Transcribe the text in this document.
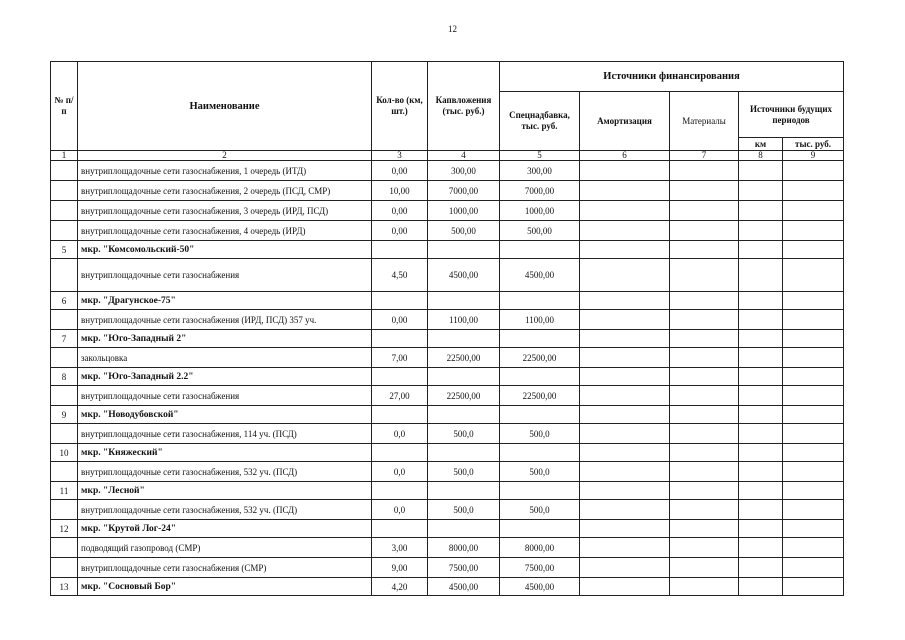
12
№ п/п	Наименование	Кол-во (км, шт.)	Капвложения (тыс. руб.)	Источники финансирования				
				Спецнадбавка, тыс. руб.	Амортизация	Материалы	Источники будущих периодов	
							км	тыс. руб.
1	2	3	4	5	6	7	8	9
	внутриплощадочные сети газоснабжения, 1 очередь (ИТД)	0,00	300,00	300,00				
	внутриплощадочные сети газоснабжения, 2 очередь (ПСД, СМР)	10,00	7000,00	7000,00				
	внутриплощадочные сети газоснабжения, 3 очередь (ИРД, ПСД)	0,00	1000,00	1000,00				
	внутриплощадочные сети газоснабжения, 4 очередь (ИРД)	0,00	500,00	500,00				
5	мкр. "Комсомольский-50"							
	внутриплощадочные сети газоснабжения	4,50	4500,00	4500,00				
6	мкр. "Драгунское-75"							
	внутриплощадочные сети газоснабжения (ИРД, ПСД) 357 уч.	0,00	1100,00	1100,00				
7	мкр. "Юго-Западный 2"							
	закольцовка	7,00	22500,00	22500,00				
8	мкр. "Юго-Западный 2.2"							
	внутриплощадочные сети газоснабжения	27,00	22500,00	22500,00				
9	мкр. "Новодубовской"							
	внутриплощадочные сети газоснабжения, 114 уч. (ПСД)	0,0	500,0	500,0				
10	мкр. "Княжеский"							
	внутриплощадочные сети газоснабжения, 532 уч. (ПСД)	0,0	500,0	500,0				
11	мкр. "Лесной"							
	внутриплощадочные сети газоснабжения, 532 уч. (ПСД)	0,0	500,0	500,0				
12	мкр. "Крутой Лог-24"							
	подводящий газопровод (СМР)	3,00	8000,00	8000,00				
	внутриплощадочные сети газоснабжения (СМР)	9,00	7500,00	7500,00				
13	мкр. "Сосновый Бор"	4,20	4500,00	4500,00				
